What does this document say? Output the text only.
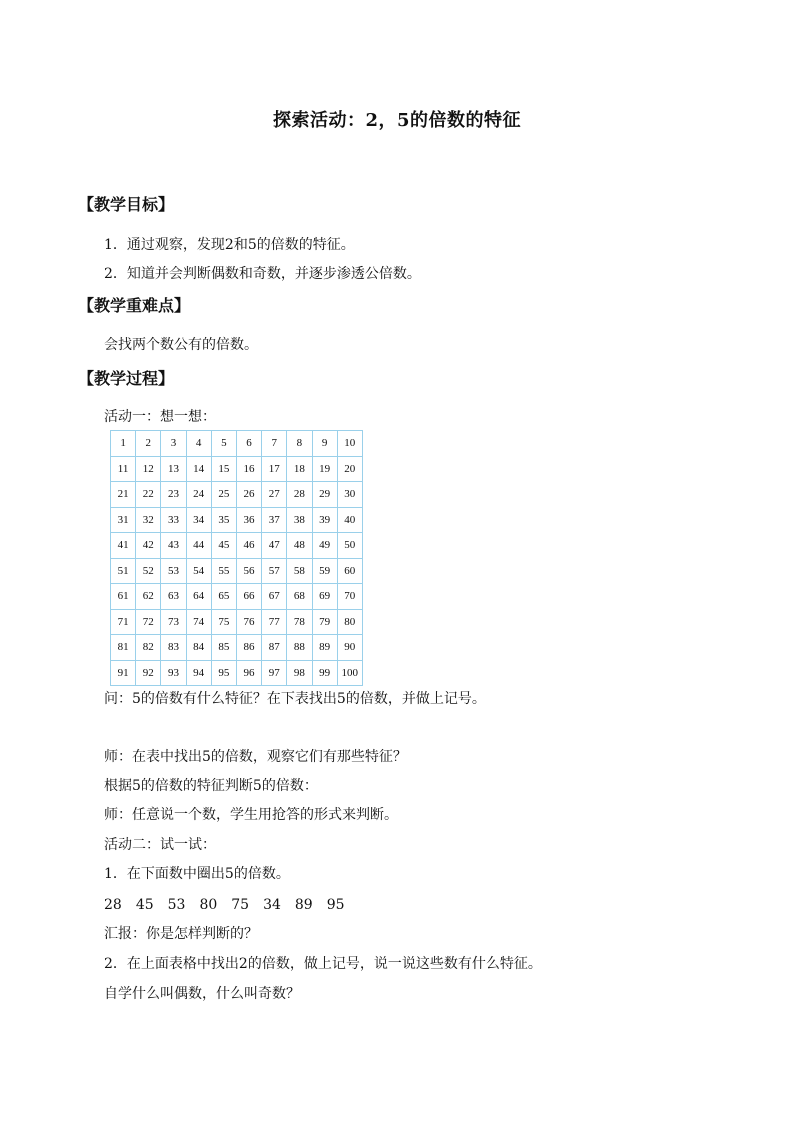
探索活动：2，5的倍数的特征
【教学目标】
1．通过观察，发现2和5的倍数的特征。
2．知道并会判断偶数和奇数，并逐步渗透公倍数。
【教学重难点】
会找两个数公有的倍数。
【教学过程】
活动一：想一想：
1	2	3	4	5	6	7	8	9	10
11	12	13	14	15	16	17	18	19	20
21	22	23	24	25	26	27	28	29	30
31	32	33	34	35	36	37	38	39	40
41	42	43	44	45	46	47	48	49	50
51	52	53	54	55	56	57	58	59	60
61	62	63	64	65	66	67	68	69	70
71	72	73	74	75	76	77	78	79	80
81	82	83	84	85	86	87	88	89	90
91	92	93	94	95	96	97	98	99	100
问：5的倍数有什么特征？在下表找出5的倍数，并做上记号。
师：在表中找出5的倍数，观察它们有那些特征？
根据5的倍数的特征判断5的倍数：
师：任意说一个数，学生用抢答的形式来判断。
活动二：试一试：
1．在下面数中圈出5的倍数。
28　45　53　80　75　34　89　95
汇报：你是怎样判断的？
2．在上面表格中找出2的倍数，做上记号，说一说这些数有什么特征。
自学什么叫偶数，什么叫奇数？
